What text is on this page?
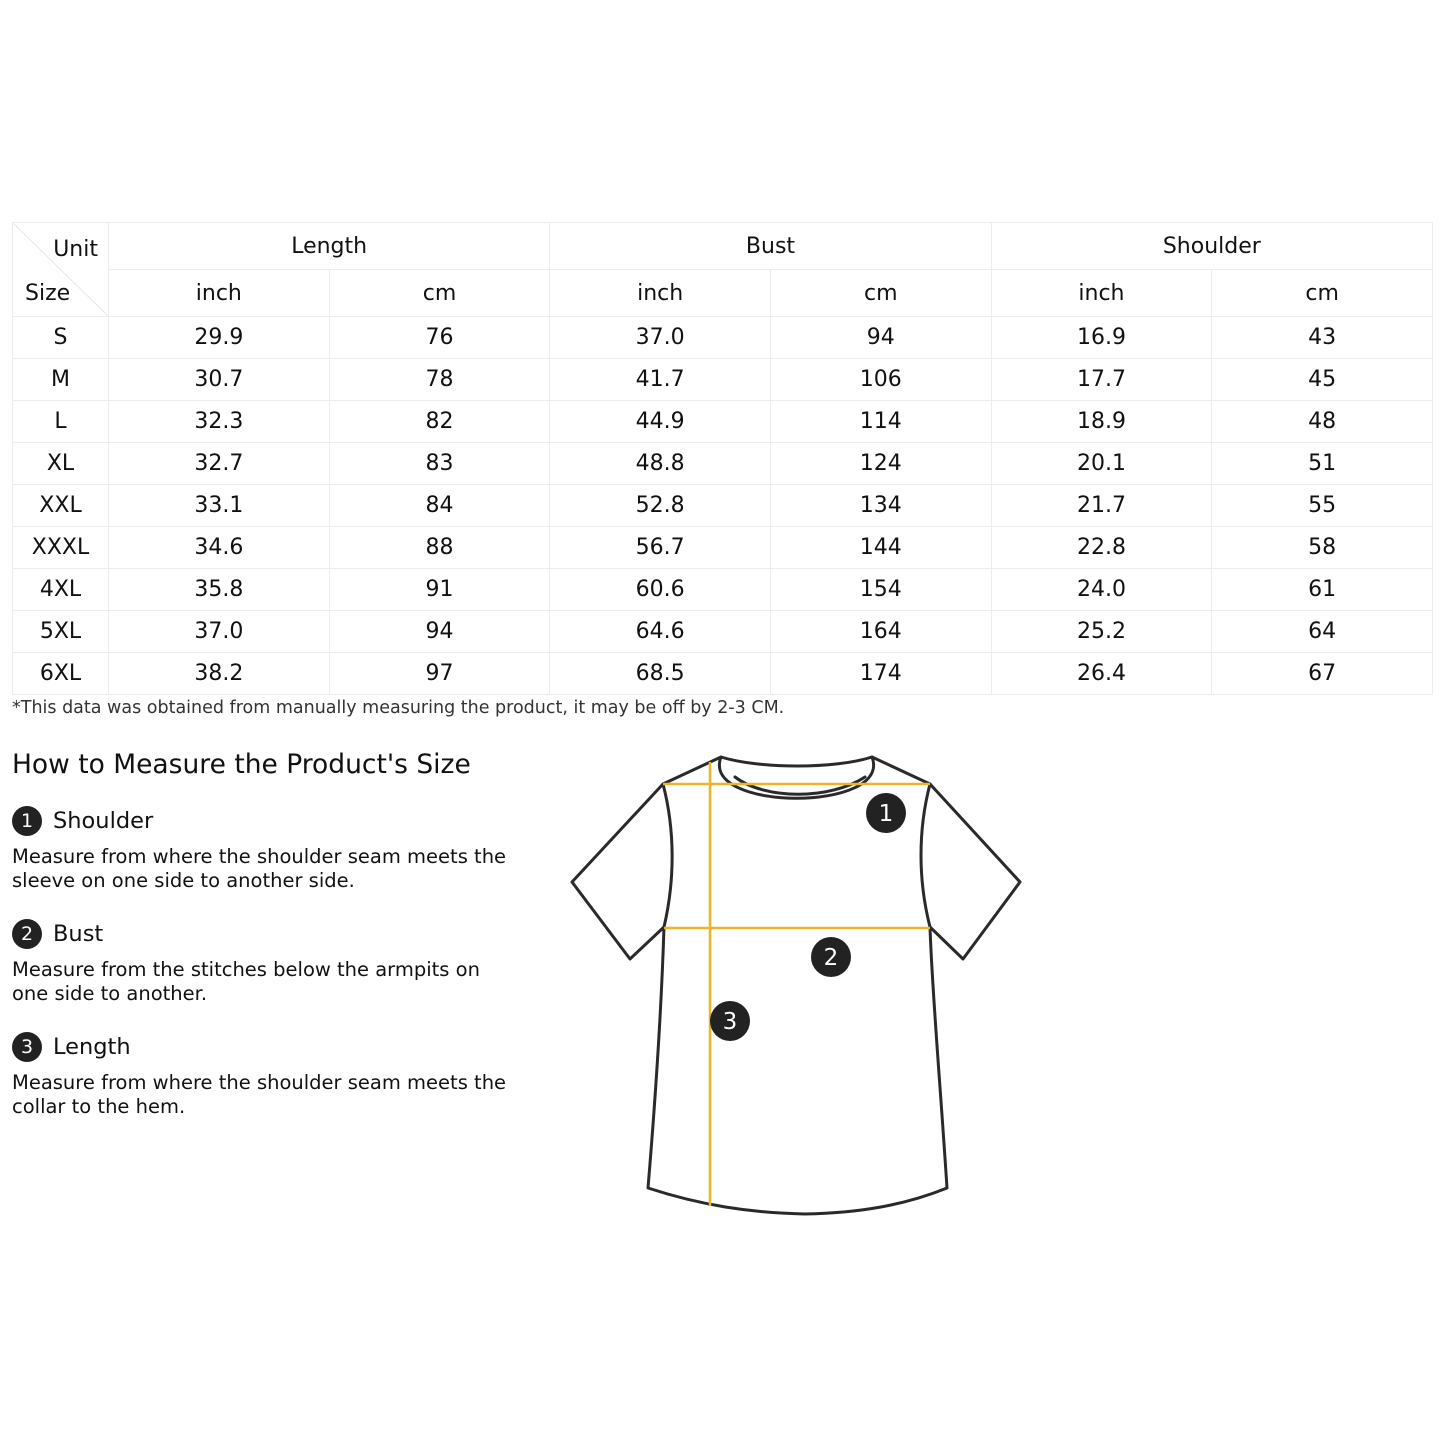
Unit
Size	Length		Bust		Shoulder	
	inch	cm	inch	cm	inch	cm
S	29.9	76	37.0	94	16.9	43
M	30.7	78	41.7	106	17.7	45
L	32.3	82	44.9	114	18.9	48
XL	32.7	83	48.8	124	20.1	51
XXL	33.1	84	52.8	134	21.7	55
XXXL	34.6	88	56.7	144	22.8	58
4XL	35.8	91	60.6	154	24.0	61
5XL	37.0	94	64.6	164	25.2	64
6XL	38.2	97	68.5	174	26.4	67
*This data was obtained from manually measuring the product, it may be off by 2-3 CM.
How to Measure the Product's Size
1 Shoulder
Measure from where the shoulder seam meets the sleeve on one side to another side.
2 Bust
Measure from the stitches below the armpits on one side to another.
3 Length
Measure from where the shoulder seam meets the collar to the hem.
1
2
3
